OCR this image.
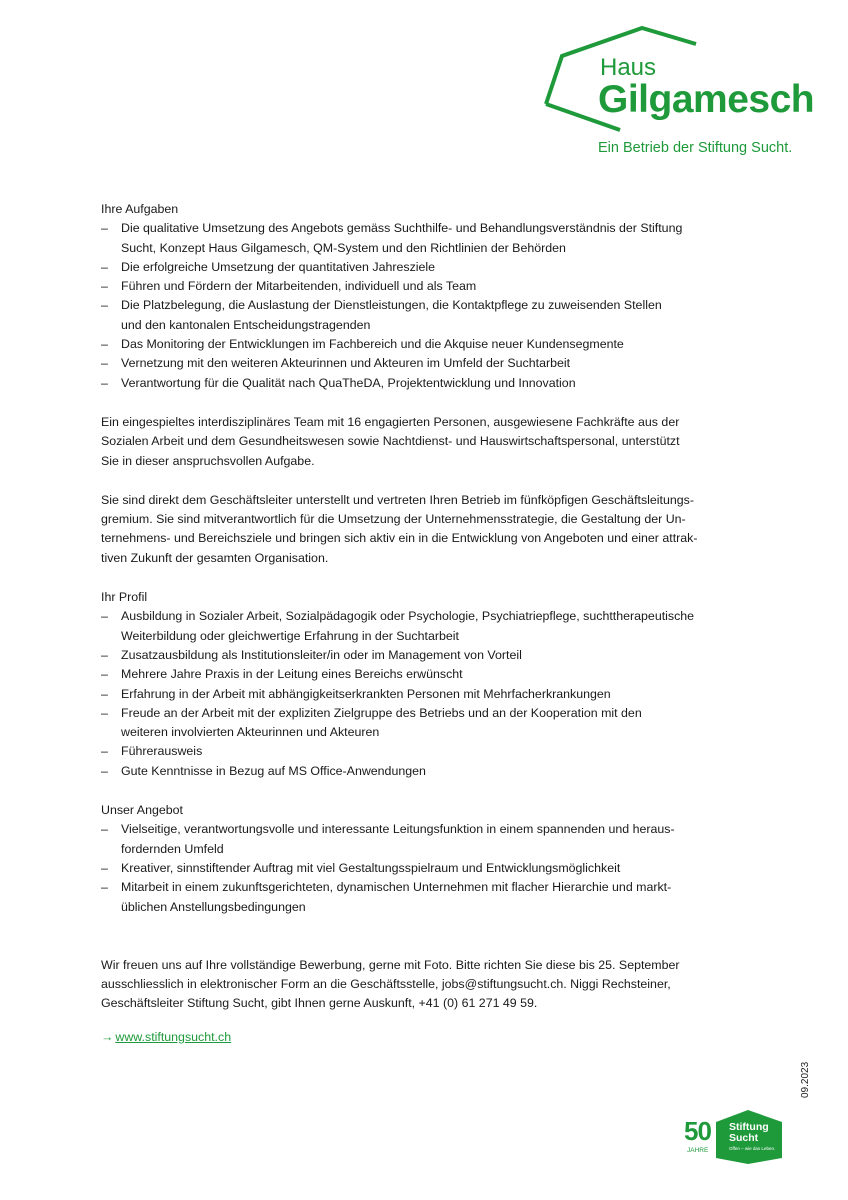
Haus
Gilgamesch
Ein Betrieb der Stiftung Sucht.
Ihre Aufgaben
– Die qualitative Umsetzung des Angebots gemäss Suchthilfe- und Behandlungsverständnis der Stiftung
Sucht, Konzept Haus Gilgamesch, QM-System und den Richtlinien der Behörden
– Die erfolgreiche Umsetzung der quantitativen Jahresziele
– Führen und Fördern der Mitarbeitenden, individuell und als Team
– Die Platzbelegung, die Auslastung der Dienstleistungen, die Kontaktpflege zu zuweisenden Stellen
und den kantonalen Entscheidungstragenden
– Das Monitoring der Entwicklungen im Fachbereich und die Akquise neuer Kundensegmente
– Vernetzung mit den weiteren Akteurinnen und Akteuren im Umfeld der Suchtarbeit
– Verantwortung für die Qualität nach QuaTheDA, Projektentwicklung und Innovation

Ein eingespieltes interdisziplinäres Team mit 16 engagierten Personen, ausgewiesene Fachkräfte aus der
Sozialen Arbeit und dem Gesundheitswesen sowie Nachtdienst- und Hauswirtschaftspersonal, unterstützt
Sie in dieser anspruchsvollen Aufgabe.

Sie sind direkt dem Geschäftsleiter unterstellt und vertreten Ihren Betrieb im fünfköpfigen Geschäftsleitungs-
gremium. Sie sind mitverantwortlich für die Umsetzung der Unternehmensstrategie, die Gestaltung der Un-
ternehmens- und Bereichsziele und bringen sich aktiv ein in die Entwicklung von Angeboten und einer attrak-
tiven Zukunft der gesamten Organisation.

Ihr Profil
– Ausbildung in Sozialer Arbeit, Sozialpädagogik oder Psychologie, Psychiatriepflege, suchttherapeutische
Weiterbildung oder gleichwertige Erfahrung in der Suchtarbeit
– Zusatzausbildung als Institutionsleiter/in oder im Management von Vorteil
– Mehrere Jahre Praxis in der Leitung eines Bereichs erwünscht
– Erfahrung in der Arbeit mit abhängigkeitserkrankten Personen mit Mehrfacherkrankungen
– Freude an der Arbeit mit der expliziten Zielgruppe des Betriebs und an der Kooperation mit den
weiteren involvierten Akteurinnen und Akteuren
– Führerausweis
– Gute Kenntnisse in Bezug auf MS Office-Anwendungen
Unser Angebot
– Vielseitige, verantwortungsvolle und interessante Leitungsfunktion in einem spannenden und heraus-
fordernden Umfeld
– Kreativer, sinnstiftender Auftrag mit viel Gestaltungsspielraum und Entwicklungsmöglichkeit
– Mitarbeit in einem zukunftsgerichteten, dynamischen Unternehmen mit flacher Hierarchie und markt-
üblichen Anstellungsbedingungen

Wir freuen uns auf Ihre vollständige Bewerbung, gerne mit Foto. Bitte richten Sie diese bis 25. September
ausschliesslich in elektronischer Form an die Geschäftsstelle, jobs@stiftungsucht.ch. Niggi Rechsteiner,
Geschäftsleiter Stiftung Sucht, gibt Ihnen gerne Auskunft, +41 (0) 61 271 49 59.

→ www.stiftungsucht.ch
09.2023
50
JAHRE
Stiftung
Sucht
Offen – wie das Leben.
